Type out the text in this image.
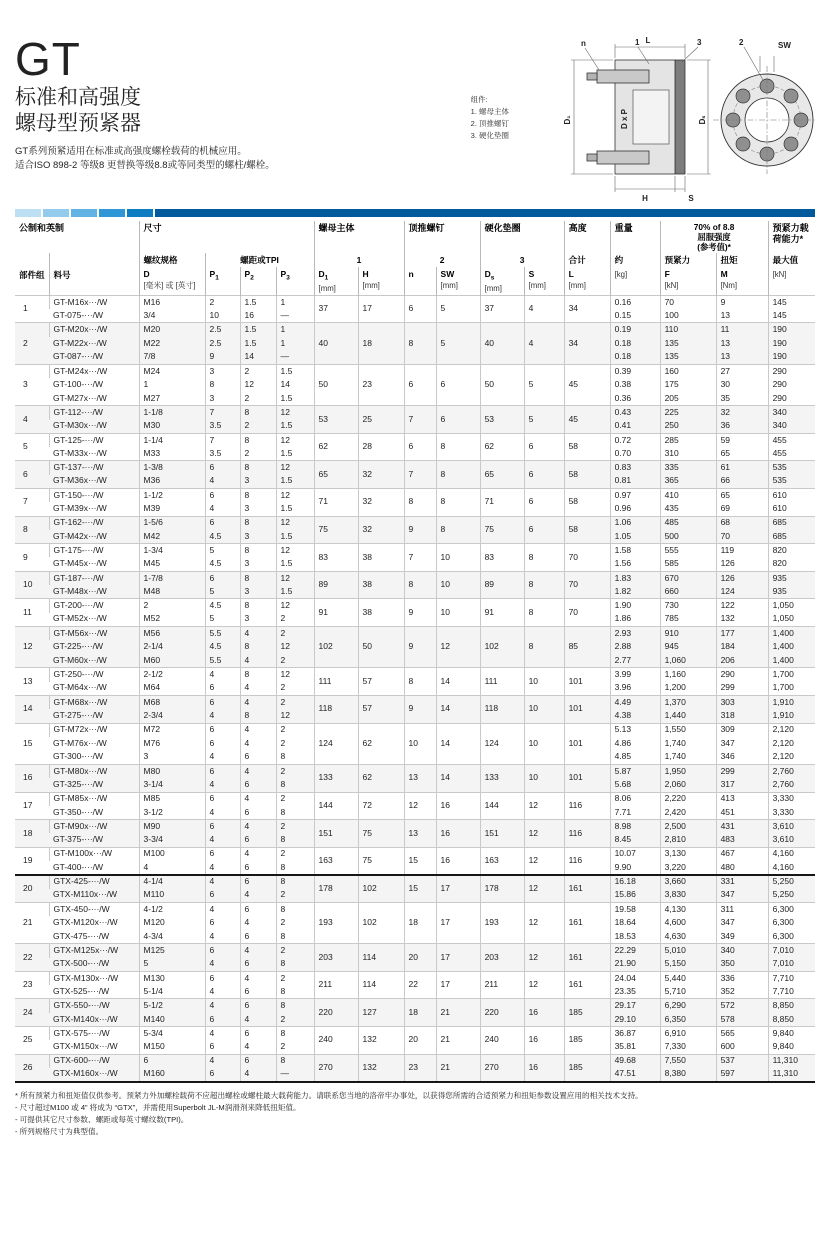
GT
标准和高强度
螺母型预紧器

GT系列预紧适用在标准或高强度螺栓载荷的机械应用。
适合ISO 898-2 等级8 更替换等级8.8或等同类型的螺柱/螺栓。

组件:
1. 螺母主体
2. 顶推螺钉
3. 硬化垫圈
L
n	1	3
D₁	D x P	Dₛ
H	S
2	SW
公制和英制		尺寸				螺母主体		顶推螺钉		硬化垫圈		高度	重量	70% of 8.8
屈服强度
(参考值)*		预紧力载荷能力*
部件组	料号	螺纹规格	螺距或TPI			1		2		3		合计	约	预紧力	扭矩	最大值
		D
[毫米] 或 [英寸]	$P_1$	$P_2$	$P_3$	$D_1$
[mm]	H
[mm]	n	SW
[mm]	$D_s$
[mm]	S
[mm]	L
[mm]	[kg]	F
[kN]	M
[Nm]	[kN]

1	GT-M16x···/W	M16	2	1.5	1	37	17	6	5	37	4	34	0.16	70	9	145
	GT-075-···/W	3/4	10	16	—								0.15	100	13	145
2	GT-M20x···/W	M20	2.5	1.5	1	40	18	8	5	40	4	34	0.19	110	11	190
	GT-M22x···/W	M22	2.5	1.5	1								0.18	135	13	190
	GT-087-···/W	7/8	9	14	—								0.18	135	13	190
3	GT-M24x···/W	M24	3	2	1.5	50	23	6	6	50	5	45	0.39	160	27	290
	GT-100-···/W	1	8	12	14								0.38	175	30	290
	GT-M27x···/W	M27	3	2	1.5								0.36	205	35	290
4	GT-112-···/W	1-1/8	7	8	12	53	25	7	6	53	5	45	0.43	225	32	340
	GT-M30x···/W	M30	3.5	2	1.5								0.41	250	36	340
5	GT-125-···/W	1-1/4	7	8	12	62	28	6	8	62	6	58	0.72	285	59	455
	GT-M33x···/W	M33	3.5	2	1.5								0.70	310	65	455
6	GT-137-···/W	1-3/8	6	8	12	65	32	7	8	65	6	58	0.83	335	61	535
	GT-M36x···/W	M36	4	3	1.5								0.81	365	66	535
7	GT-150-···/W	1-1/2	6	8	12	71	32	8	8	71	6	58	0.97	410	65	610
	GT-M39x···/W	M39	4	3	1.5								0.96	435	69	610
8	GT-162-···/W	1-5/6	6	8	12	75	32	9	8	75	6	58	1.06	485	68	685
	GT-M42x···/W	M42	4.5	3	1.5								1.05	500	70	685
9	GT-175-···/W	1-3/4	5	8	12	83	38	7	10	83	8	70	1.58	555	119	820
	GT-M45x···/W	M45	4.5	3	1.5								1.56	585	126	820
10	GT-187-···/W	1-7/8	6	8	12	89	38	8	10	89	8	70	1.83	670	126	935
	GT-M48x···/W	M48	5	3	1.5								1.82	660	124	935
11	GT-200-···/W	2	4.5	8	12	91	38	9	10	91	8	70	1.90	730	122	1,050
	GT-M52x···/W	M52	5	3	2								1.86	785	132	1,050
12	GT-M56x···/W	M56	5.5	4	2	102	50	9	12	102	8	85	2.93	910	177	1,400
	GT-225-···/W	2-1/4	4.5	8	12								2.88	945	184	1,400
	GT-M60x···/W	M60	5.5	4	2								2.77	1,060	206	1,400
13	GT-250-···/W	2-1/2	4	8	12	111	57	8	14	111	10	101	3.99	1,160	290	1,700
	GT-M64x···/W	M64	6	4	2								3.96	1,200	299	1,700
14	GT-M68x···/W	M68	6	4	2	118	57	9	14	118	10	101	4.49	1,370	303	1,910
	GT-275-···/W	2-3/4	4	8	12								4.38	1,440	318	1,910
15	GT-M72x···/W	M72	6	4	2	124	62	10	14	124	10	101	5.13	1,550	309	2,120
	GT-M76x···/W	M76	6	4	2								4.86	1,740	347	2,120
	GT-300-···/W	3	4	6	8								4.85	1,740	346	2,120
16	GT-M80x···/W	M80	6	4	2	133	62	13	14	133	10	101	5.87	1,950	299	2,760
	GT-325-···/W	3-1/4	4	6	8								5.68	2,060	317	2,760
17	GT-M85x···/W	M85	6	4	2	144	72	12	16	144	12	116	8.06	2,220	413	3,330
	GT-350-···/W	3-1/2	4	6	8								7.71	2,420	451	3,330
18	GT-M90x···/W	M90	6	4	2	151	75	13	16	151	12	116	8.98	2,500	431	3,610
	GT-375-···/W	3-3/4	4	6	8								8.45	2,810	483	3,610
19	GT-M100x···/W	M100	6	4	2	163	75	15	16	163	12	116	10.07	3,130	467	4,160
	GT-400-···/W	4	4	6	8								9.90	3,220	480	4,160
20	GTX-425-···/W	4-1/4	4	6	8	178	102	15	17	178	12	161	16.18	3,660	331	5,250
	GTX-M110x···/W	M110	6	4	2								15.86	3,830	347	5,250
21	GTX-450-···/W	4-1/2	4	6	8	193	102	18	17	193	12	161	19.58	4,130	311	6,300
	GTX-M120x···/W	M120	6	4	2								18.64	4,600	347	6,300
	GTX-475-···/W	4-3/4	4	6	8								18.53	4,630	349	6,300
22	GTX-M125x···/W	M125	6	4	2	203	114	20	17	203	12	161	22.29	5,010	340	7,010
	GTX-500-···/W	5	4	6	8								21.90	5,150	350	7,010
23	GTX-M130x···/W	M130	6	4	2	211	114	22	17	211	12	161	24.04	5,440	336	7,710
	GTX-525-···/W	5-1/4	4	6	8								23.35	5,710	352	7,710
24	GTX-550-···/W	5-1/2	4	6	8	220	127	18	21	220	16	185	29.17	6,290	572	8,850
	GTX-M140x···/W	M140	6	4	2								29.10	6,350	578	8,850
25	GTX-575-···/W	5-3/4	4	6	8	240	132	20	21	240	16	185	36.87	6,910	565	9,840
	GTX-M150x···/W	M150	6	4	2								35.81	7,330	600	9,840
26	GTX-600-···/W	6	4	6	8	270	132	23	21	270	16	185	49.68	7,550	537	11,310
	GTX-M160x···/W	M160	6	4	—								47.51	8,380	597	11,310
* 所有预紧力和扭矩值仅供参考。预紧力外加螺栓载荷不应超出螺栓或螺柱最大载荷能力。请联系您当地的洛帝牢办事处，以获得您所需的合适预紧力和扭矩参数设置应用的相关技术支持。
- 尺寸超过M100 或 4” 将成为 “GTX”，并需使用Superbolt JL-M润滑剂来降低扭矩值。
- 可提供其它尺寸参数、螺距或每英寸螺纹数(TPI)。
- 所列规格尺寸为典型值。
